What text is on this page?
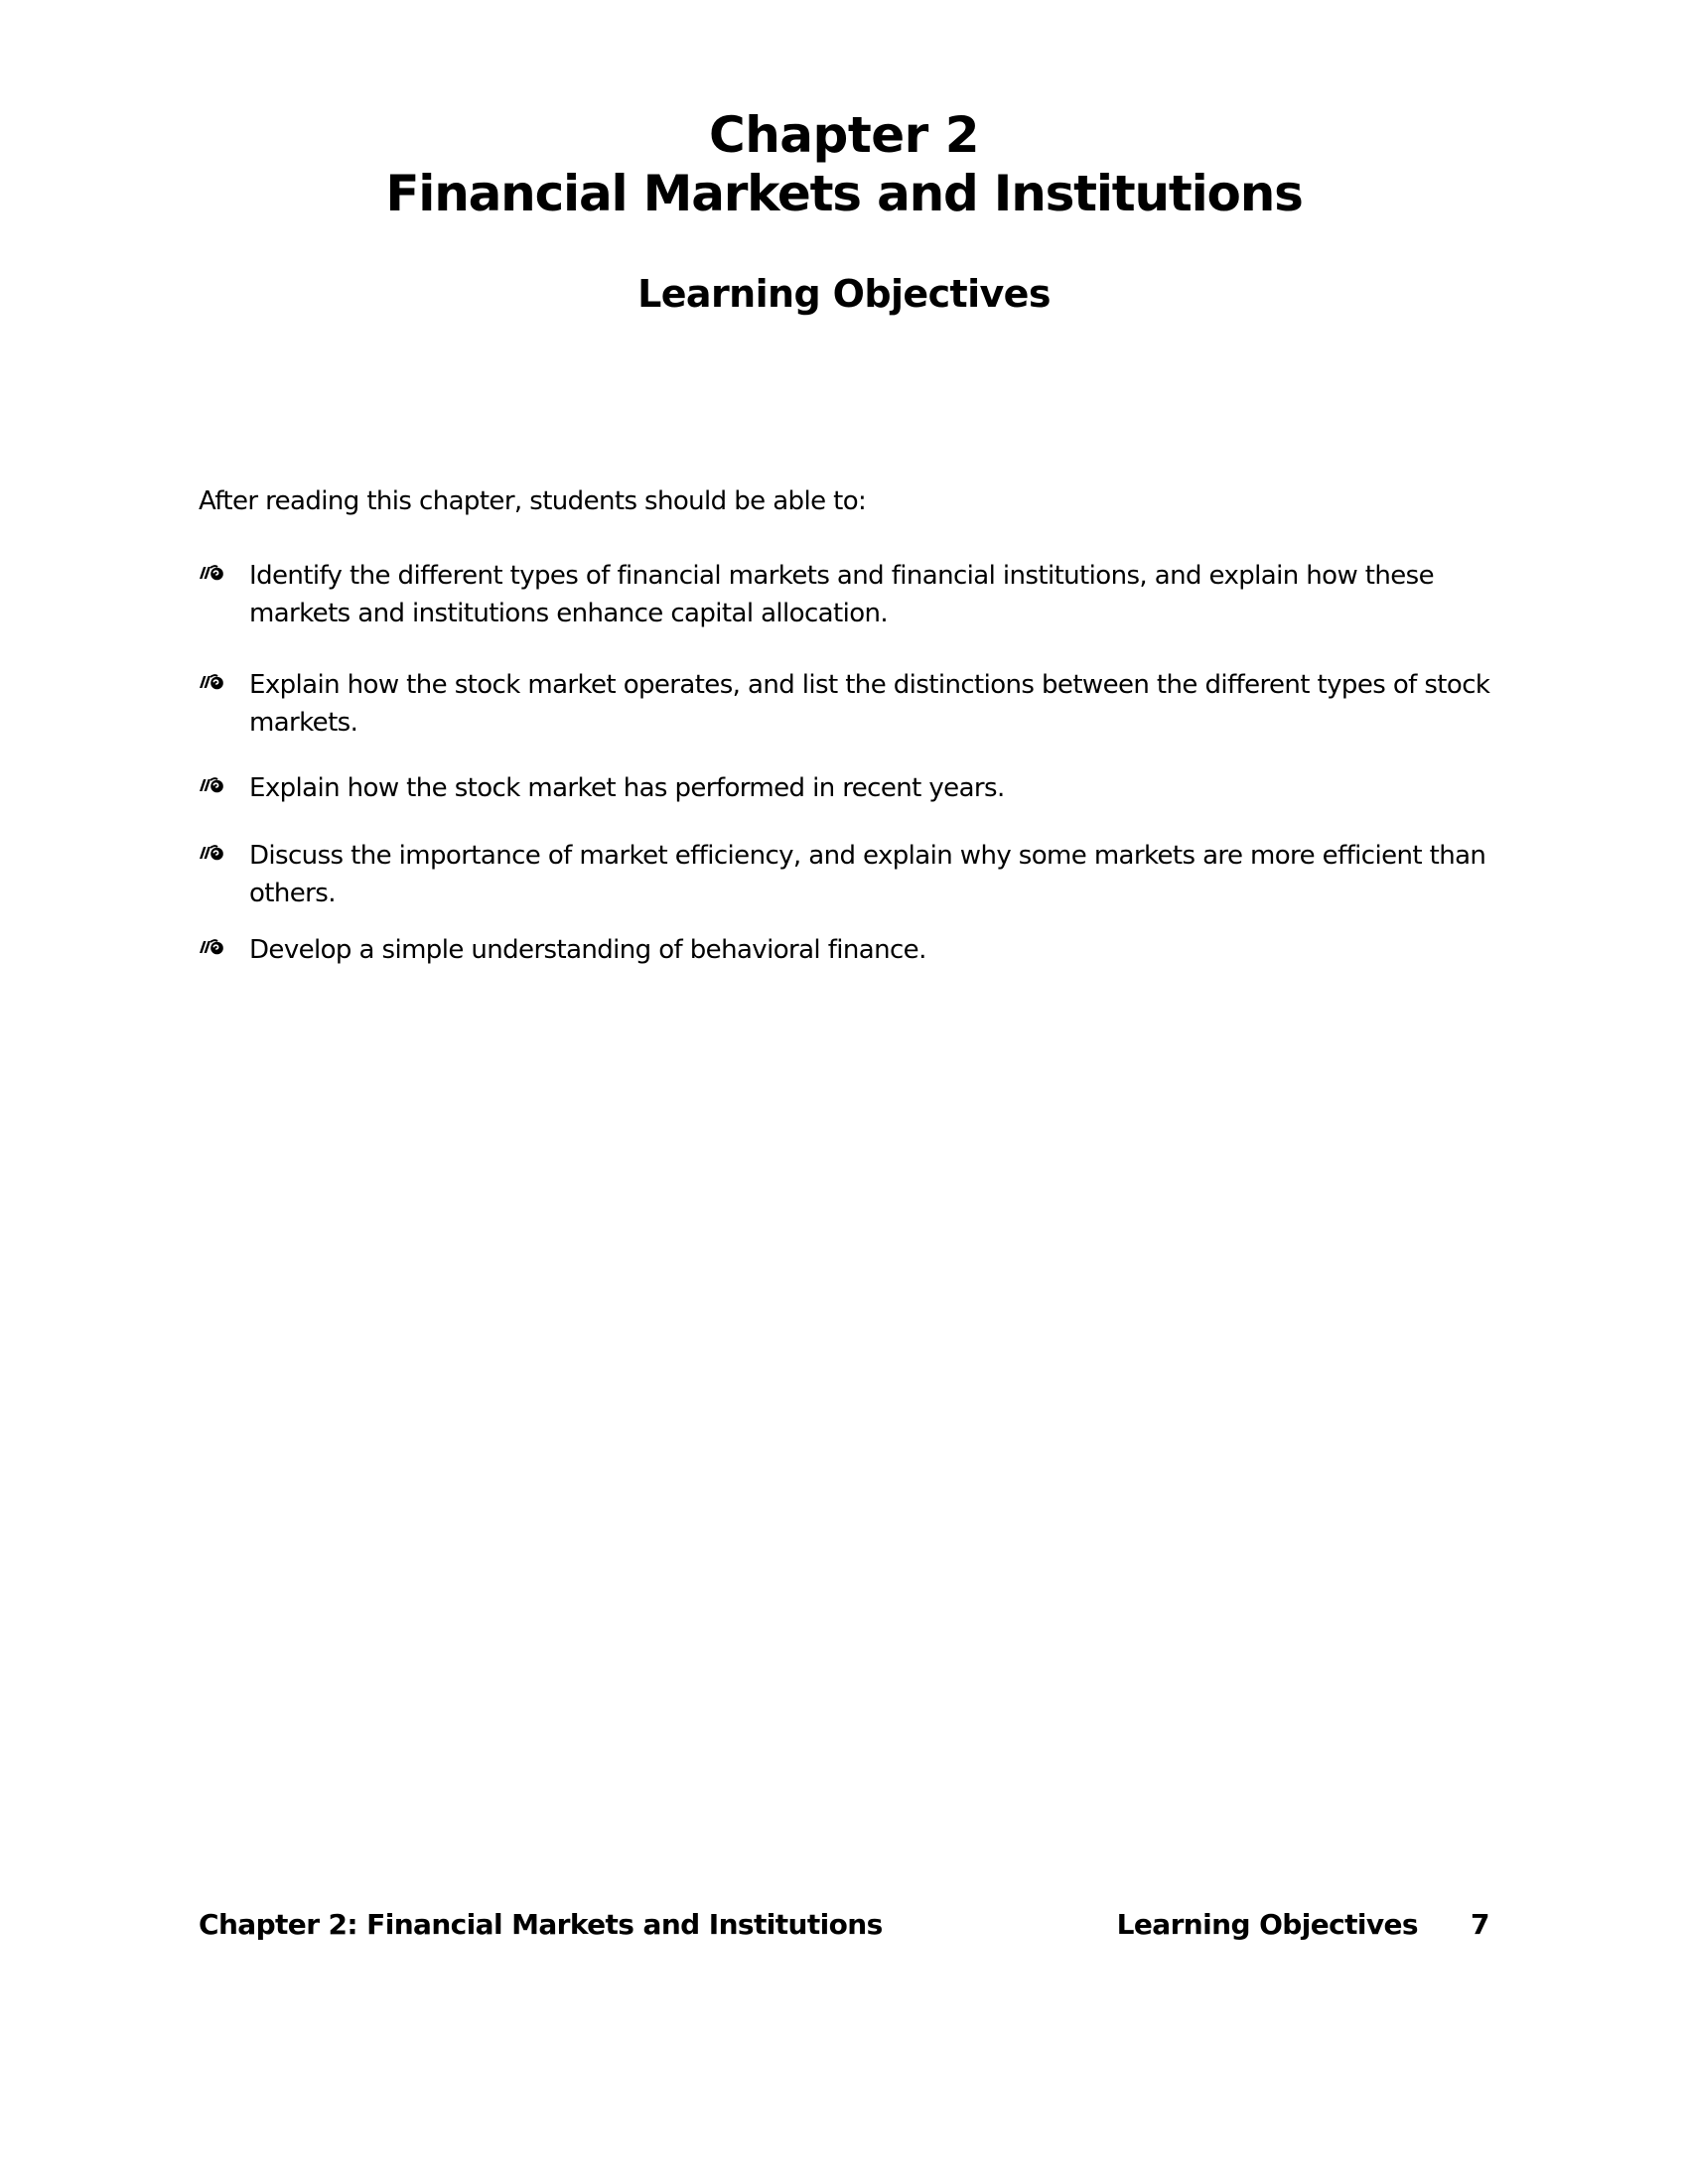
Chapter 2
Financial Markets and Institutions
Learning Objectives
After reading this chapter, students should be able to:
Identify the different types of financial markets and financial institutions, and explain how these
markets and institutions enhance capital allocation.
Explain how the stock market operates, and list the distinctions between the different types of stock
markets.
Explain how the stock market has performed in recent years.
Discuss the importance of market efficiency, and explain why some markets are more efficient than
others.
Develop a simple understanding of behavioral finance.
Chapter 2: Financial Markets and Institutions	Learning Objectives 7
